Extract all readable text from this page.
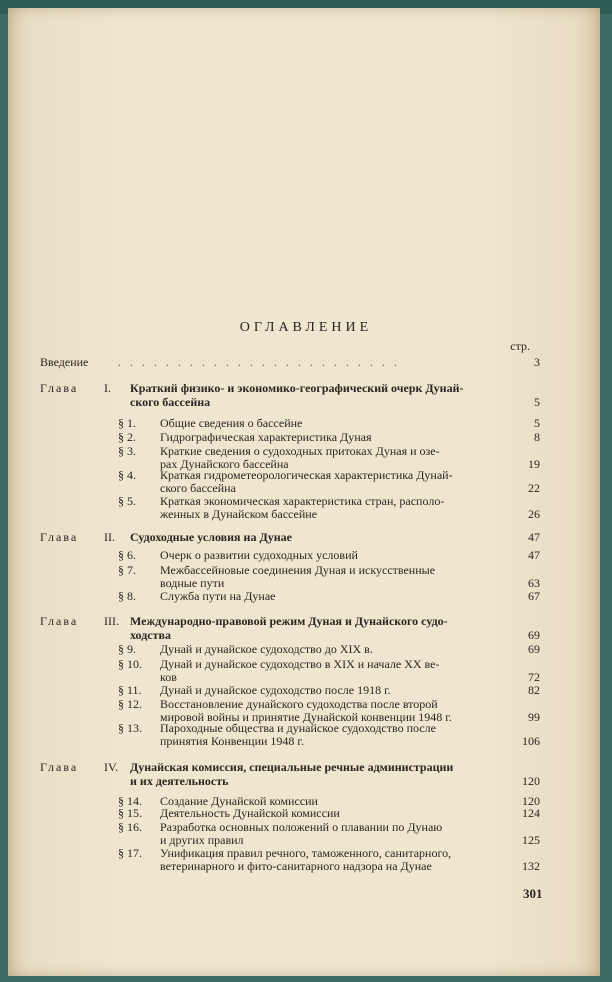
ОГЛАВЛЕНИЕ
стр.
Введение . . . . . . . . . . . . . . . . . . . . . . . .	3
Глава I. Краткий физико- и экономико-географический очерк Дунай-
ского бассейна	5
§ 1. Общие сведения о бассейне	5
§ 2. Гидрографическая характеристика Дуная	8
§ 3. Краткие сведения о судоходных притоках Дуная и озе-
рах Дунайского бассейна	19
§ 4. Краткая гидрометеорологическая характеристика Дунай-
ского бассейна	22
§ 5. Краткая экономическая характеристика стран, располо-
женных в Дунайском бассейне	26
Глава II. Судоходные условия на Дунае	47
§ 6. Очерк о развитии судоходных условий	47
§ 7. Межбассейновые соединения Дуная и искусственные
водные пути	63
§ 8. Служба пути на Дунае	67
Глава III. Международно-правовой режим Дуная и Дунайского судо-
ходства	69
§ 9. Дунай и дунайское судоходство до XIX в.	69
§ 10. Дунай и дунайское судоходство в XIX и начале XX ве-
ков	72
§ 11. Дунай и дунайское судоходство после 1918 г.	82
§ 12. Восстановление дунайского судоходства после второй
мировой войны и принятие Дунайской конвенции 1948 г.	99
§ 13. Пароходные общества и дунайское судоходство после
принятия Конвенции 1948 г.	106
Глава IV. Дунайская комиссия, специальные речные администрации
и их деятельность	120
§ 14. Создание Дунайской комиссии	120
§ 15. Деятельность Дунайской комиссии	124
§ 16. Разработка основных положений о плавании по Дунаю
и других правил	125
§ 17. Унификация правил речного, таможенного, санитарного,
ветеринарного и фито-санитарного надзора на Дунае	132
301
